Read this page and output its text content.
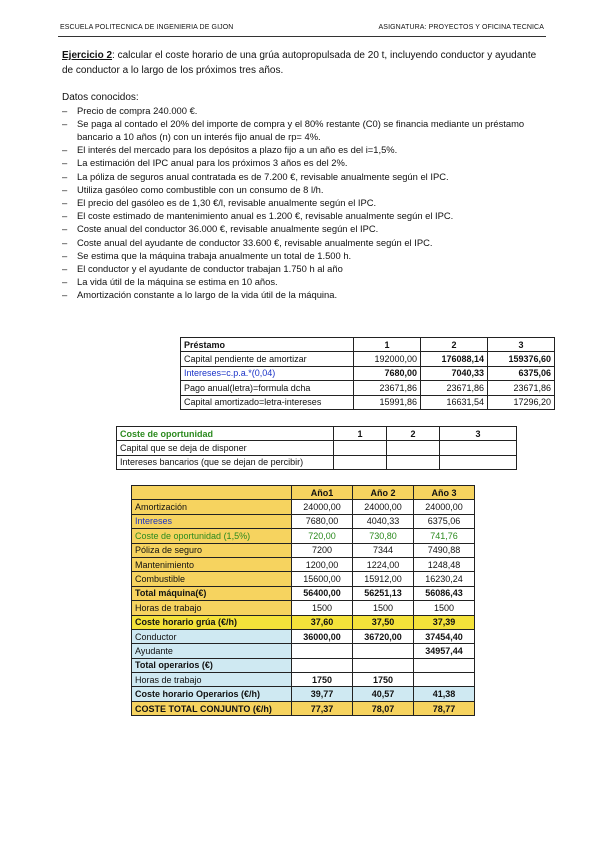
ESCUELA POLITECNICA DE INGENIERIA DE GIJON	ASIGNATURA: PROYECTOS Y OFICINA TECNICA
Ejercicio 2: calcular el coste horario de una grúa autopropulsada de 20 t, incluyendo conductor y ayudante de conductor a lo largo de los próximos tres años.
Datos conocidos:
– Precio de compra 240.000 €.
– Se paga al contado el 20% del importe de compra y el 80% restante (C0) se financia mediante un préstamo bancario a 10 años (n) con un interés fijo anual de rp= 4%.
– El interés del mercado para los depósitos a plazo fijo a un año es del i=1,5%.
– La estimación del IPC anual para los próximos 3 años es del 2%.
– La póliza de seguros anual contratada es de 7.200 €, revisable anualmente según el IPC.
– Utiliza gasóleo como combustible con un consumo de 8 l/h.
– El precio del gasóleo es de 1,30 €/l, revisable anualmente según el IPC.
– El coste estimado de mantenimiento anual es 1.200 €, revisable anualmente según el IPC.
– Coste anual del conductor 36.000 €, revisable anualmente según el IPC.
– Coste anual del ayudante de conductor 33.600 €, revisable anualmente según el IPC.
– Se estima que la máquina trabaja anualmente un total de 1.500 h.
– El conductor y el ayudante de conductor trabajan 1.750 h al año
– La vida útil de la máquina se estima en 10 años.
– Amortización constante a lo largo de la vida útil de la máquina.
Préstamo	1	2	3
Capital pendiente de amortizar	192000,00	176088,14	159376,60
Intereses=c.p.a.*(0,04)	7680,00	7040,33	6375,06
Pago anual(letra)=formula dcha	23671,86	23671,86	23671,86
Capital amortizado=letra-intereses	15991,86	16631,54	17296,20
Coste de oportunidad	1	2	3
Capital que se deja de disponer			
Intereses bancarios (que se dejan de percibir)			
	Año1	Año 2	Año 3
Amortización	24000,00	24000,00	24000,00
Intereses	7680,00	4040,33	6375,06
Coste de oportunidad (1,5%)	720,00	730,80	741,76
Póliza de seguro	7200	7344	7490,88
Mantenimiento	1200,00	1224,00	1248,48
Combustible	15600,00	15912,00	16230,24
Total máquina(€)	56400,00	56251,13	56086,43
Horas de trabajo	1500	1500	1500
Coste horario grúa (€/h)	37,60	37,50	37,39
Conductor	36000,00	36720,00	37454,40
Ayudante			34957,44
Total operarios (€)			
Horas de trabajo	1750	1750	
Coste horario Operarios (€/h)	39,77	40,57	41,38
COSTE TOTAL CONJUNTO (€/h)	77,37	78,07	78,77
